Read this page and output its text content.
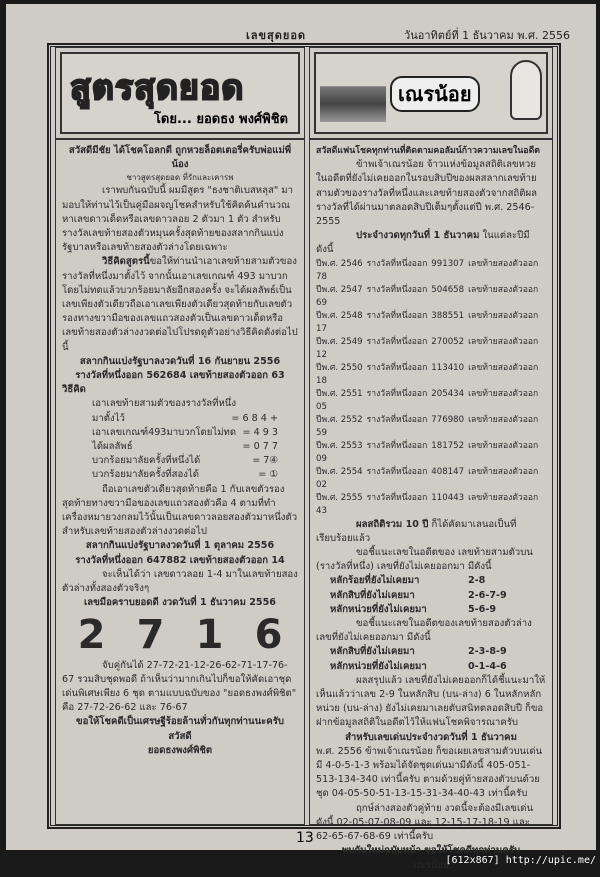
เลขสุดยอด	วันอาทิตย์ที่ 1 ธันวาคม พ.ศ. 2556
สูตรสุดยอด
โดย... ยอดธง พงศ์พิชิต
สวัสดีมีชัย ได้โชคโอลกดี ถูกหวยล็อตเตอรี่ครับพ่อแม่พี่น้อง
ชาวสูตรสุดยอด ที่รักและเคารพ

เราพบกันฉบับนี้ ผมมีสูตร "ธงชาติเบสหลุส" มามอบให้ท่านไว้เป็นคู่มือผจญโชคสำหรับใช้คิดค้นคำนวณหาเลขดาวเด็ดหรือเลขดาวลอย 2 ตัวมา 1 ตัว สำหรับรางวัลเลขท้ายสองตัวหมุนครั้งสุดท้ายของสลากกินแบ่งรัฐบาลหรือเลขท้ายสองตัวล่างโดยเฉพาะ

วิธีคิดสูตรนี้ขอให้ท่านนำเอาเลขท้ายสามตัวของรางวัลที่หนึ่งมาตั้งไว้ จากนั้นเอาเลขเกณฑ์ 493 มาบวกโดยไม่ทดแล้วบวกร้อยมาลัยอีกสองครั้ง จะได้ผลลัพธ์เป็นเลขเพียงตัวเดียวถือเอาเลขเพียงตัวเดียวสุดท้ายกับเลขตัวรองทางขวามือของเลขแถวสองตัวเป็นเลขดาวเด็ดหรือเลขท้ายสองตัวล่างงวดต่อไปโปรดดูตัวอย่างวิธีคิดดังต่อไปนี้

สลากกินแบ่งรัฐบาลงวดวันที่ 16 กันยายน 2556
รางวัลที่หนึ่งออก 562684 เลขท้ายสองตัวออก 63
วิธีคิด
เอาเลขท้ายสามตัวของรางวัลที่หนึ่ง
มาตั้งไว้	= 6 8 4 +
เอาเลขเกณฑ์493มาบวกโดยไม่ทด = 4 9 3
ได้ผลลัพธ์	= 0 7 7
บวกร้อยมาลัยครั้งที่หนึ่งได้	= 7④
บวกร้อยมาลัยครั้งที่สองได้	= ①

ถือเอาเลขตัวเดียวสุดท้ายคือ 1 กับเลขตัวรองสุดท้ายทางขวามือของเลขแถวสองตัวคือ 4 ตามที่ทำเครื่องหมายวงกลมไว้นั้นเป็นเลขดาวลอยสองตัวมาหนึ่งตัว สำหรับเลขท้ายสองตัวล่างงวดต่อไป

สลากกินแบ่งรัฐบาลงวดวันที่ 1 ตุลาคม 2556
รางวัลที่หนึ่งออก 647882 เลขท้ายสองตัวออก 14

จะเห็นได้ว่า เลขดาวลอย 1-4 มาในเลขท้ายสองตัวล่างทั้งสองตัวจริงๆ

เลขมือคราบยอดดี งวดวันที่ 1 ธันวาคม 2556
2 7 1 6

จับคู่กันได้ 27-72-21-12-26-62-71-17-76-67 รวมสิบชุดพอดี ถ้าเห็นว่ามากเกินไปก็ขอให้คัดเอาชุดเด่นพิเศษเพียง 6 ชุด ตามแบบฉบับของ "ยอดธงพงศ์พิชิต" คือ 27-72-26-62 และ 76-67

ขอให้โชคดีเป็นเศรษฐีร้อยล้านทั่วกันทุกท่านนะครับ
สวัสดี
ยอดธงพงศ์พิชิต
เณรน้อย
สวัสดีแฟนโชคทุกท่านที่ติดตามคอลัมน์ก้าวความเลขในอดีต

ข้าพเจ้าเณรน้อย จ้าวแห่งข้อมูลสถิติเลขหวยในอดีตที่ยังไม่เคยออกในรอบสิบปีของผลสลากเลขท้ายสามตัวของรางวัลที่หนึ่งและเลขท้ายสองตัวจากสถิติผลรางวัลที่ได้ผ่านมาตลอดสิบปีเต็มๆตั้งแต่ปี พ.ศ. 2546-2555

ประจำงวดทุกวันที่ 1 ธันวาคม ในแต่ละปีมีดังนี้

ปีพ.ศ. 2546 รางวัลที่หนึ่งออก 991307 เลขท้ายสองตัวออก
78
ปีพ.ศ. 2547 รางวัลที่หนึ่งออก 504658 เลขท้ายสองตัวออก
69
ปีพ.ศ. 2548 รางวัลที่หนึ่งออก 388551 เลขท้ายสองตัวออก
17
ปีพ.ศ. 2549 รางวัลที่หนึ่งออก 270052 เลขท้ายสองตัวออก
12
ปีพ.ศ. 2550 รางวัลที่หนึ่งออก 113410 เลขท้ายสองตัวออก
18
ปีพ.ศ. 2551 รางวัลที่หนึ่งออก 205434 เลขท้ายสองตัวออก
05
ปีพ.ศ. 2552 รางวัลที่หนึ่งออก 776980 เลขท้ายสองตัวออก
59
ปีพ.ศ. 2553 รางวัลที่หนึ่งออก 181752 เลขท้ายสองตัวออก
09
ปีพ.ศ. 2554 รางวัลที่หนึ่งออก 408147 เลขท้ายสองตัวออก
02
ปีพ.ศ. 2555 รางวัลที่หนึ่งออก 110443 เลขท้ายสองตัวออก
43

ผลสถิติรวม 10 ปี ก็ได้คัดมาเลนอเป็นที่เรียบร้อยแล้ว

ขอชี้แนะเลขในอดีตของ เลขท้ายสามตัวบน (รางวัลที่หนึ่ง) เลขที่ยังไม่เคยออกมา มีดังนี้

หลักร้อยที่ยังไม่เคยมา	2-8
หลักสิบที่ยังไม่เคยมา	2-6-7-9
หลักหน่วยที่ยังไม่เคยมา	5-6-9

ขอชี้แนะเลขในอดีตของเลขท้ายสองตัวล่างเลขที่ยังไม่เคยออกมา มีดังนี้

หลักสิบที่ยังไม่เคยมา	2-3-8-9
หลักหน่วยที่ยังไม่เคยมา	0-1-4-6

ผลสรุปแล้ว เลขที่ยังไม่เคยออกก็ได้ชี้แนะมาให้เห็นแล้วว่าเลข 2-9 ในหลักสิบ (บน-ล่าง) 6 ในหลักหลักหน่วย (บน-ล่าง) ยังไม่เคยมาเลยตับสนิทตลอดสิบปี ก็ขอฝากข้อมูลสถิติในอดีตไว้ให้แฟนโชคพิจารณาครับ

สำหรับเลขเด่นประจำงวดวันที่ 1 ธันวาคม

พ.ศ. 2556 ข้าพเจ้าเณรน้อย ก็ขอเผยเลขสามตัวบนเด่นมี 4-0-5-1-3 พร้อมได้จัดชุดเด่นมามีดังนี้ 405-051-513-134-340 เท่านี้ครับ ตามด้วยคู่ท้ายสองตัวบนด้วยชุด 04-05-50-51-13-15-31-34-40-43 เท่านี้ครับ

ฤกษ์ล่างสองตัวคู่ท้าย งวดนี้จะต้องมีเลขเด่นดังนี้ 02-05-07-08-09 และ 12-15-17-18-19 และ 62-65-67-68-69 เท่านี้ครับ

พบกันใหม่ฉบับหน้า ขอให้โชคดีทุกท่านครับ
เณรน้อย
13
[612x867] http://upic.me/
